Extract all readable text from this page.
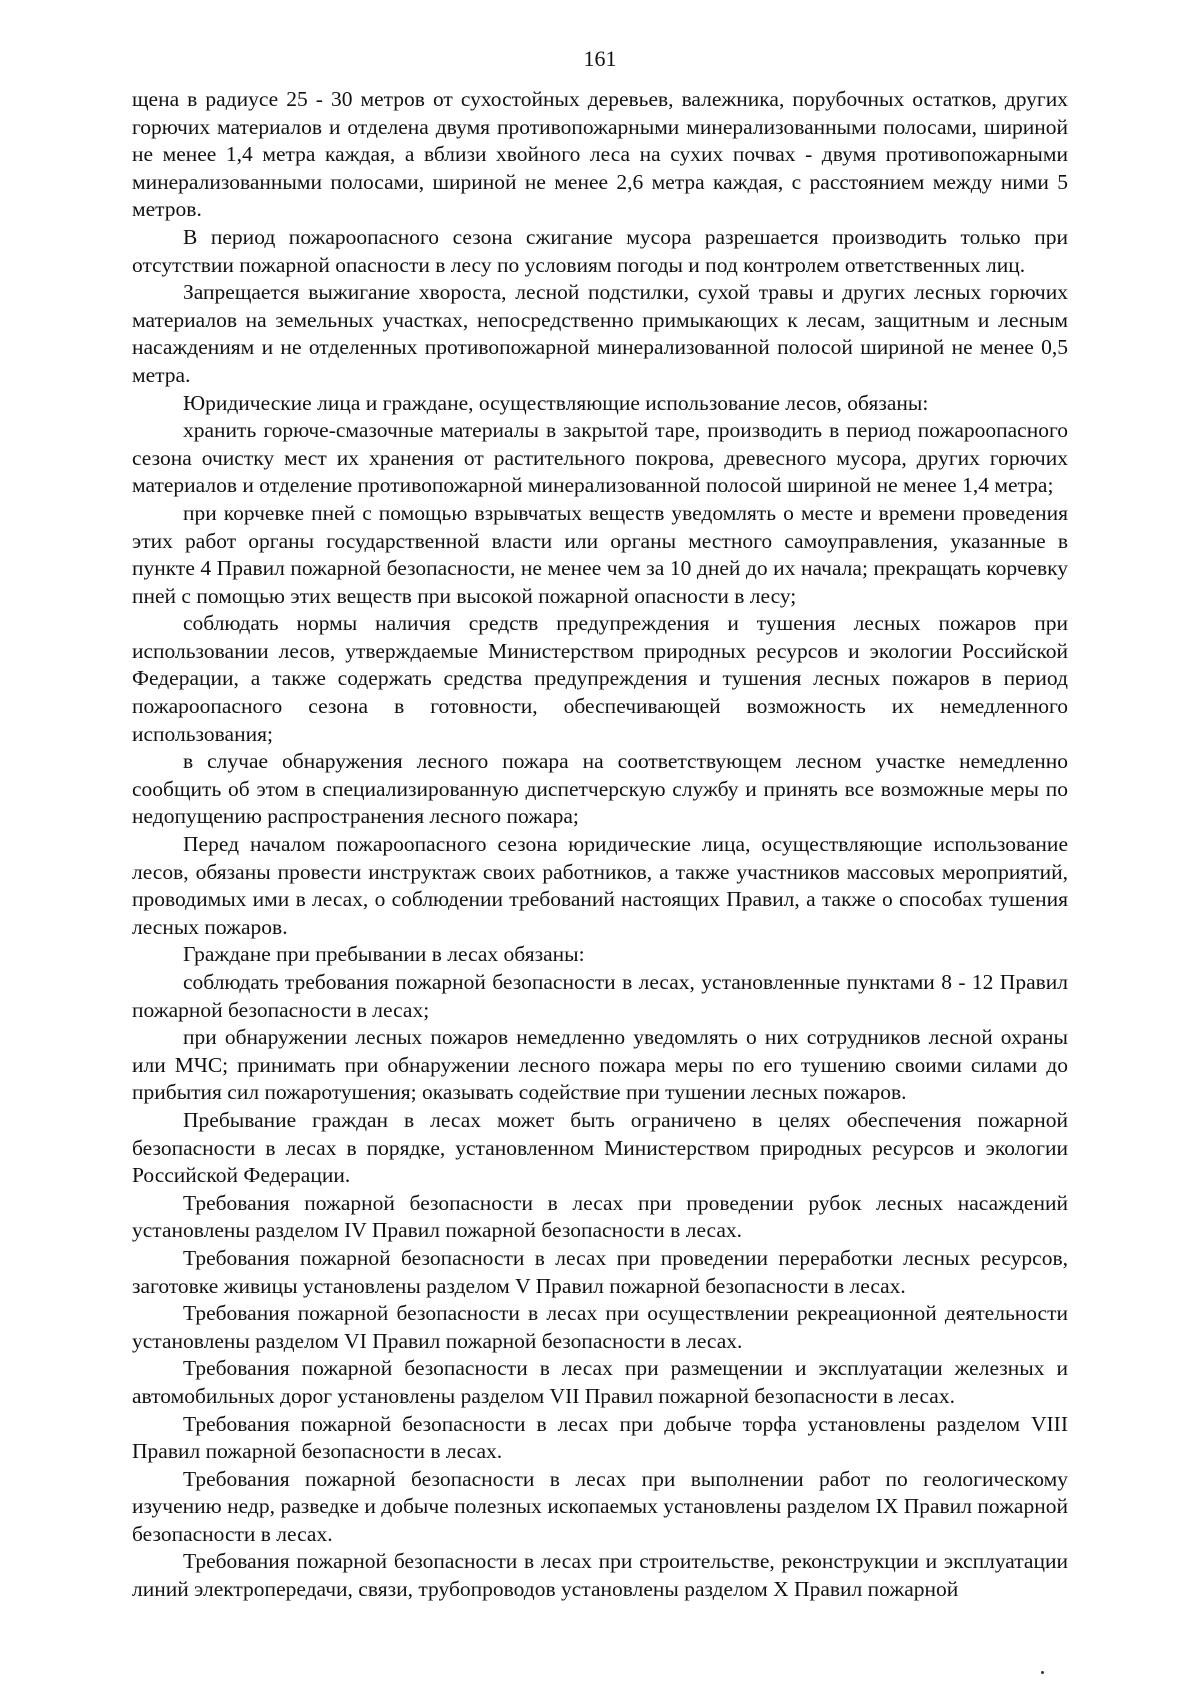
161

щена в радиусе 25 - 30 метров от сухостойных деревьев, валежника, порубочных остатков, других горючих материалов и отделена двумя противопожарными минерализованными полосами, шириной не менее 1,4 метра каждая, а вблизи хвойного леса на сухих почвах - двумя противопожарными минерализованными полосами, шириной не менее 2,6 метра каждая, с расстоянием между ними 5 метров.

В период пожароопасного сезона сжигание мусора разрешается производить только при отсутствии пожарной опасности в лесу по условиям погоды и под контролем ответственных лиц.

Запрещается выжигание хвороста, лесной подстилки, сухой травы и других лесных горючих материалов на земельных участках, непосредственно примыкающих к лесам, защитным и лесным насаждениям и не отделенных противопожарной минерализованной полосой шириной не менее 0,5 метра.

Юридические лица и граждане, осуществляющие использование лесов, обязаны:

хранить горюче-смазочные материалы в закрытой таре, производить в период пожароопасного сезона очистку мест их хранения от растительного покрова, древесного мусора, других горючих материалов и отделение противопожарной минерализованной полосой шириной не менее 1,4 метра;

при корчевке пней с помощью взрывчатых веществ уведомлять о месте и времени проведения этих работ органы государственной власти или органы местного самоуправления, указанные в пункте 4 Правил пожарной безопасности, не менее чем за 10 дней до их начала; прекращать корчевку пней с помощью этих веществ при высокой пожарной опасности в лесу;

соблюдать нормы наличия средств предупреждения и тушения лесных пожаров при использовании лесов, утверждаемые Министерством природных ресурсов и экологии Российской Федерации, а также содержать средства предупреждения и тушения лесных пожаров в период пожароопасного сезона в готовности, обеспечивающей возможность их немедленного использования;

в случае обнаружения лесного пожара на соответствующем лесном участке немедленно сообщить об этом в специализированную диспетчерскую службу и принять все возможные меры по недопущению распространения лесного пожара;

Перед началом пожароопасного сезона юридические лица, осуществляющие использование лесов, обязаны провести инструктаж своих работников, а также участников массовых мероприятий, проводимых ими в лесах, о соблюдении требований настоящих Правил, а также о способах тушения лесных пожаров.

Граждане при пребывании в лесах обязаны:

соблюдать требования пожарной безопасности в лесах, установленные пунктами 8 - 12 Правил пожарной безопасности в лесах;

при обнаружении лесных пожаров немедленно уведомлять о них сотрудников лесной охраны или МЧС; принимать при обнаружении лесного пожара меры по его тушению своими силами до прибытия сил пожаротушения; оказывать содействие при тушении лесных пожаров.

Пребывание граждан в лесах может быть ограничено в целях обеспечения пожарной безопасности в лесах в порядке, установленном Министерством природных ресурсов и экологии Российской Федерации.

Требования пожарной безопасности в лесах при проведении рубок лесных насаждений установлены разделом IV Правил пожарной безопасности в лесах.

Требования пожарной безопасности в лесах при проведении переработки лесных ресурсов, заготовке живицы установлены разделом V Правил пожарной безопасности в лесах.

Требования пожарной безопасности в лесах при осуществлении рекреационной деятельности установлены разделом VI Правил пожарной безопасности в лесах.

Требования пожарной безопасности в лесах при размещении и эксплуатации железных и автомобильных дорог установлены разделом VII Правил пожарной безопасности в лесах.

Требования пожарной безопасности в лесах при добыче торфа установлены разделом VIII Правил пожарной безопасности в лесах.

Требования пожарной безопасности в лесах при выполнении работ по геологическому изучению недр, разведке и добыче полезных ископаемых установлены разделом IX Правил пожарной безопасности в лесах.

Требования пожарной безопасности в лесах при строительстве, реконструкции и эксплуатации линий электропередачи, связи, трубопроводов установлены разделом X Правил пожарной
